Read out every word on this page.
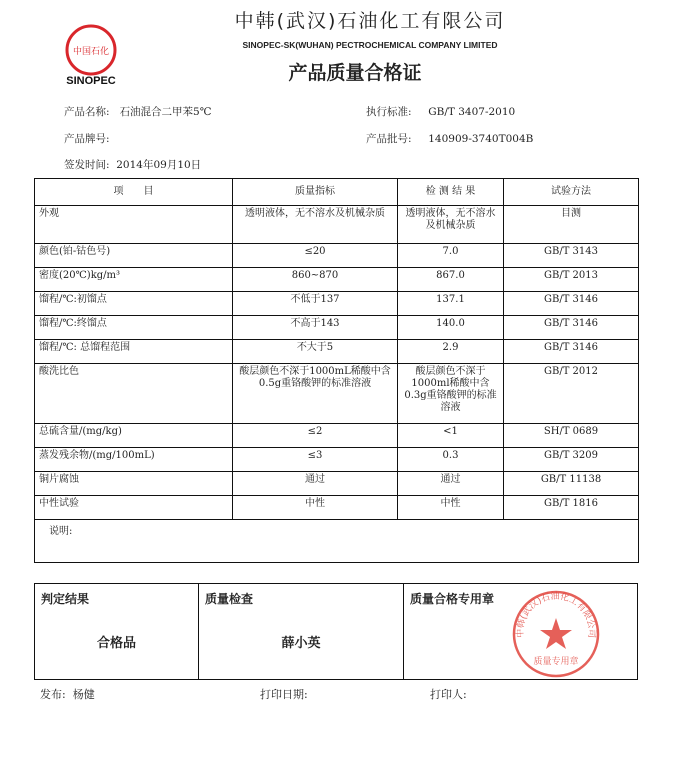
中国石化
SINOPEC
中韩(武汉)石油化工有限公司
SINOPEC-SK(WUHAN) PECTROCHEMICAL COMPANY LIMITED
产品质量合格证
产品名称: 石油混合二甲苯5℃	执行标准: GB/T 3407-2010
产品牌号:	产品批号: 140909-3740T004B
签发时间: 2014年09月10日
项　　目	质量指标	检 测 结 果	试验方法
外观	透明液体，无不溶水及机械杂质	透明液体，无不溶水及机械杂质	目测
颜色(铂-钴色号)	≤20	7.0	GB/T 3143
密度(20℃)kg/m³	860~870	867.0	GB/T 2013
馏程/℃:初馏点	不低于137	137.1	GB/T 3146
馏程/℃:终馏点	不高于143	140.0	GB/T 3146
馏程/℃: 总馏程范围	不大于5	2.9	GB/T 3146
酸洗比色	酸层颜色不深于1000mL稀酸中含0.5g重铬酸钾的标准溶液	酸层颜色不深于1000ml稀酸中含0.3g重铬酸钾的标准溶液	GB/T 2012
总硫含量/(mg/kg)	≤2	<1	SH/T 0689
蒸发残余物/(mg/100mL)	≤3	0.3	GB/T 3209
铜片腐蚀	通过	通过	GB/T 11138
中性试验	中性	中性	GB/T 1816
说明:			
判定结果
合格品
质量检查
薛小英
质量合格专用章
中韩(武汉)石油化工有限公司
质量专用章
发布: 杨健	打印日期:	打印人:
